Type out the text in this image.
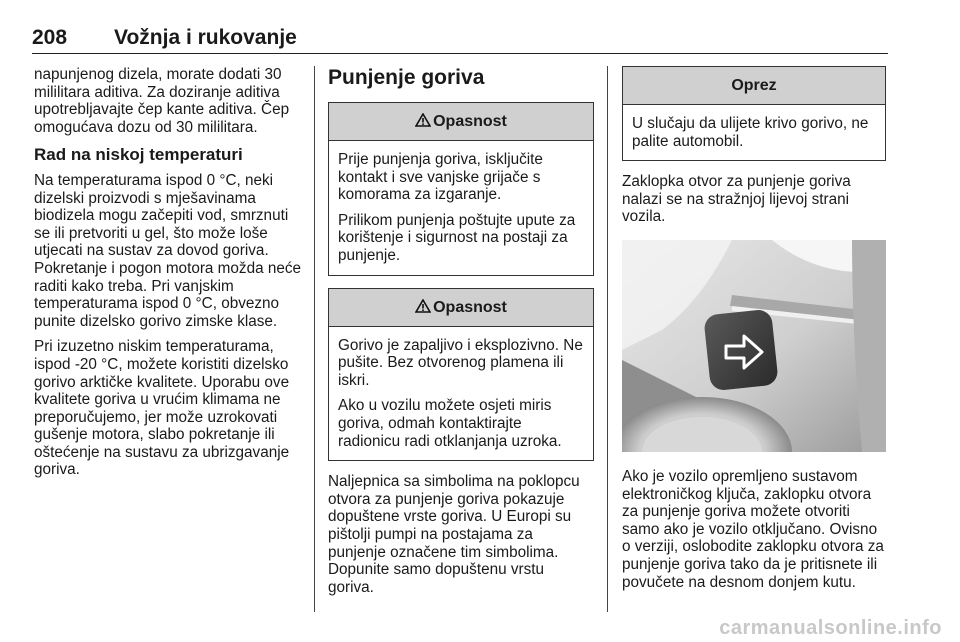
208 Vožnja i rukovanje

napunjenog dizela, morate dodati 30 mililitara aditiva. Za doziranje aditiva upotrebljavajte čep kante aditiva. Čep omogućava dozu od 30 mililitara.

Rad na niskoj temperaturi

Na temperaturama ispod 0 °C, neki dizelski proizvodi s mješavinama biodizela mogu začepiti vod, smrznuti se ili pretvoriti u gel, što može loše utjecati na sustav za dovod goriva. Pokretanje i pogon motora možda neće raditi kako treba. Pri vanjskim temperaturama ispod 0 °C, obvezno punite dizelsko gorivo zimske klase.

Pri izuzetno niskim temperaturama, ispod -20 °C, možete koristiti dizelsko gorivo arktičke kvalitete. Uporabu ove kvalitete goriva u vrućim klimama ne preporučujemo, jer može uzrokovati gušenje motora, slabo pokretanje ili oštećenje na sustavu za ubrizgavanje goriva.

Punjenje goriva
Opasnost

Prije punjenja goriva, isključite kontakt i sve vanjske grijače s komorama za izgaranje.

Prilikom punjenja poštujte upute za korištenje i sigurnost na postaji za punjenje.

Opasnost

Gorivo je zapaljivo i eksplozivno. Ne pušite. Bez otvorenog plamena ili iskri.

Ako u vozilu možete osjeti miris goriva, odmah kontaktirajte radionicu radi otklanjanja uzroka.

Naljepnica sa simbolima na poklopcu otvora za punjenje goriva pokazuje dopuštene vrste goriva. U Europi su pištolji pumpi na postajama za punjenje označene tim simbolima. Dopunite samo dopuštenu vrstu goriva.

Oprez

U slučaju da ulijete krivo gorivo, ne palite automobil.

Zaklopka otvor za punjenje goriva nalazi se na stražnjoj lijevoj strani vozila.

Ako je vozilo opremljeno sustavom elektroničkog ključa, zaklopku otvora za punjenje goriva možete otvoriti samo ako je vozilo otključano. Ovisno o verziji, oslobodite zaklopku otvora za punjenje goriva tako da je pritisnete ili povučete na desnom donjem kutu.

carmanualsonline.info
